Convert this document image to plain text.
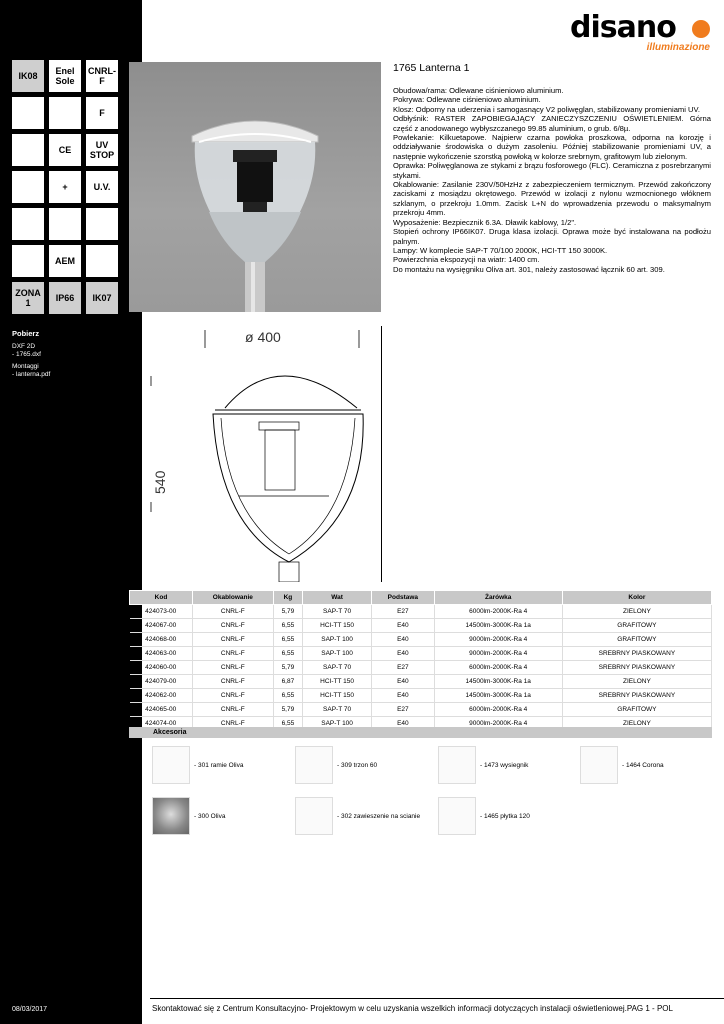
IK08	Enel Sole
CNRL-F
F
CE	UV STOP
+	U.V.
AEM
ZONA 1	IP66	IK07
Pobierz
DXF 2D
- 1765.dxf
Montaggi
- lanterna.pdf
08/03/2017
disano
illuminazione
ø 400
540
1765 Lanterna 1

Obudowa/rama: Odlewane ciśnieniowo aluminium.

Pokrywa: Odlewane ciśnieniowo aluminium.

Klosz: Odporny na uderzenia i samogasnący V2 poliwęglan, stabilizowany promieniami UV.

Odbłyśnik: RASTER ZAPOBIEGAJĄCY ZANIECZYSZCZENIU OŚWIETLENIEM. Górna część z anodowanego wybłyszczanego 99.85 aluminium, o grub. 6/8µ.

Powlekanie: Kilkuetapowe. Najpierw czarna powłoka proszkowa, odporna na korozję i oddziaływanie środowiska o dużym zasoleniu. Później stabilizowanie promieniami UV, a następnie wykończenie szorstką powłoką w kolorze srebrnym, grafitowym lub zielonym.

Oprawka: Poliwęglanowa ze stykami z brązu fosforowego (FLC). Ceramiczna z posrebrzanymi stykami.

Okablowanie: Zasilanie 230V/50HzHz z zabezpieczeniem termicznym. Przewód zakończony zaciskami z mosiądzu okrętowego. Przewód w izolacji z nylonu wzmocnionego włóknem szklanym, o przekroju 1.0mm. Zacisk L+N do wprowadzenia przewodu o maksymalnym przekroju 4mm.

Wyposażenie: Bezpiecznik 6.3A. Dławik kablowy, 1/2".

Stopień ochrony IP66IK07. Druga klasa izolacji. Oprawa może być instalowana na podłożu palnym.

Lampy: W komplecie SAP-T 70/100 2000K, HCI-TT 150 3000K.

Powierzchnia ekspozycji na wiatr: 1400 cm.

Do montażu na wysięgniku Oliva art. 301, należy zastosować łącznik 60 art. 309.

Kod	Okablowanie	Kg	Wat	Podstawa	Żarówka	Kolor
424073-00	CNRL-F	5,79	SAP-T 70	E27	6000lm-2000K-Ra 4	ZIELONY
424067-00	CNRL-F	6,55	HCI-TT 150	E40	14500lm-3000K-Ra 1a	GRAFITOWY
424068-00	CNRL-F	6,55	SAP-T 100	E40	9000lm-2000K-Ra 4	GRAFITOWY
424063-00	CNRL-F	6,55	SAP-T 100	E40	9000lm-2000K-Ra 4	SREBRNY PIASKOWANY
424060-00	CNRL-F	5,79	SAP-T 70	E27	6000lm-2000K-Ra 4	SREBRNY PIASKOWANY
424079-00	CNRL-F	6,87	HCI-TT 150	E40	14500lm-3000K-Ra 1a	ZIELONY
424062-00	CNRL-F	6,55	HCI-TT 150	E40	14500lm-3000K-Ra 1a	SREBRNY PIASKOWANY
424065-00	CNRL-F	5,79	SAP-T 70	E27	6000lm-2000K-Ra 4	GRAFITOWY
424074-00	CNRL-F	6,55	SAP-T 100	E40	9000lm-2000K-Ra 4	ZIELONY
Akcesoria
- 301 ramie Oliva	- 309 trzon 60	- 1473 wysiegnik	- 1464 Corona
- 300 Oliva	- 302 zawieszenie na scianie	- 1465 płytka 120
Skontaktować się z Centrum Konsultacyjno- Projektowym w celu uzyskania wszelkich informacji dotyczących instalacji oświetleniowej.PAG 1 - POL
